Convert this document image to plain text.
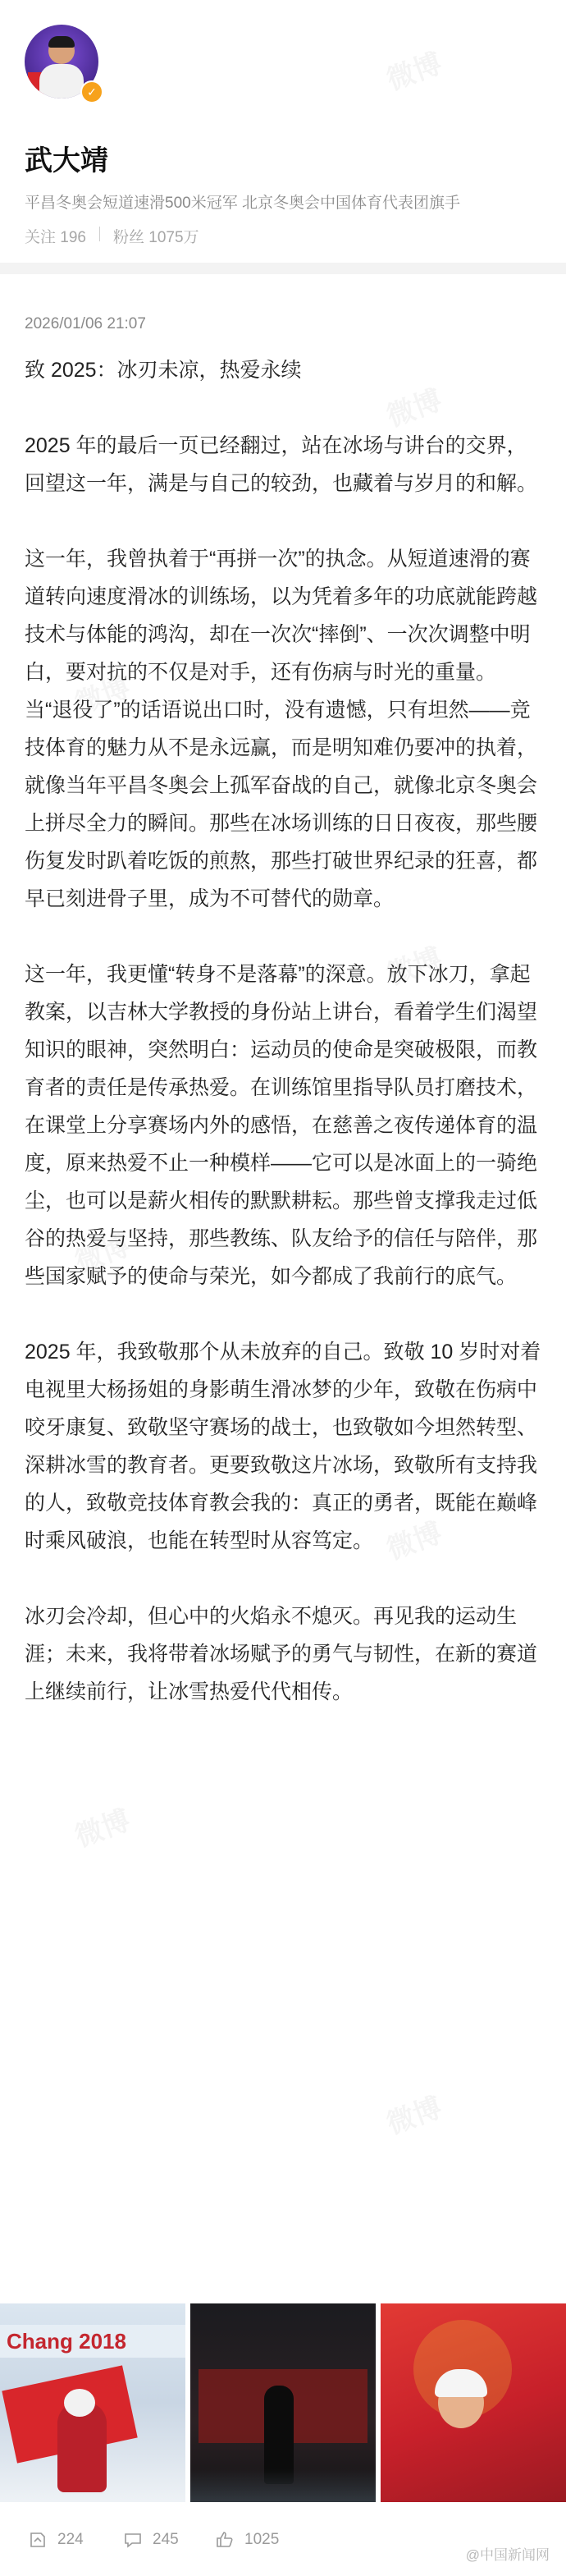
✓
武大靖
平昌冬奥会短道速滑500米冠军 北京冬奥会中国体育代表团旗手
关注 196 粉丝 1075万
2026/01/06 21:07

致 2025：冰刃未凉，热爱永续

2025 年的最后一页已经翻过，站在冰场与讲台的交界，回望这一年，满是与自己的较劲，也藏着与岁月的和解。

这一年，我曾执着于“再拼一次”的执念。从短道速滑的赛道转向速度滑冰的训练场，以为凭着多年的功底就能跨越技术与体能的鸿沟，却在一次次“摔倒”、一次次调整中明白，要对抗的不仅是对手，还有伤病与时光的重量。当“退役了”的话语说出口时，没有遗憾，只有坦然——竞技体育的魅力从不是永远赢，而是明知难仍要冲的执着，就像当年平昌冬奥会上孤军奋战的自己，就像北京冬奥会上拼尽全力的瞬间。那些在冰场训练的日日夜夜，那些腰伤复发时趴着吃饭的煎熬，那些打破世界纪录的狂喜，都早已刻进骨子里，成为不可替代的勋章。

这一年，我更懂“转身不是落幕”的深意。放下冰刀，拿起教案，以吉林大学教授的身份站上讲台，看着学生们渴望知识的眼神，突然明白：运动员的使命是突破极限，而教育者的责任是传承热爱。在训练馆里指导队员打磨技术，在课堂上分享赛场内外的感悟，在慈善之夜传递体育的温度，原来热爱不止一种模样——它可以是冰面上的一骑绝尘，也可以是薪火相传的默默耕耘。那些曾支撑我走过低谷的热爱与坚持，那些教练、队友给予的信任与陪伴，那些国家赋予的使命与荣光，如今都成了我前行的底气。

2025 年，我致敬那个从未放弃的自己。致敬 10 岁时对着电视里大杨扬姐的身影萌生滑冰梦的少年，致敬在伤病中咬牙康复、致敬坚守赛场的战士，也致敬如今坦然转型、深耕冰雪的教育者。更要致敬这片冰场，致敬所有支持我的人，致敬竞技体育教会我的：真正的勇者，既能在巅峰时乘风破浪，也能在转型时从容笃定。

冰刃会冷却，但心中的火焰永不熄灭。再见我的运动生涯；未来，我将带着冰场赋予的勇气与韧性，在新的赛道上继续前行，让冰雪热爱代代相传。

Chang 2018
224	245	1025
@中国新闻网
